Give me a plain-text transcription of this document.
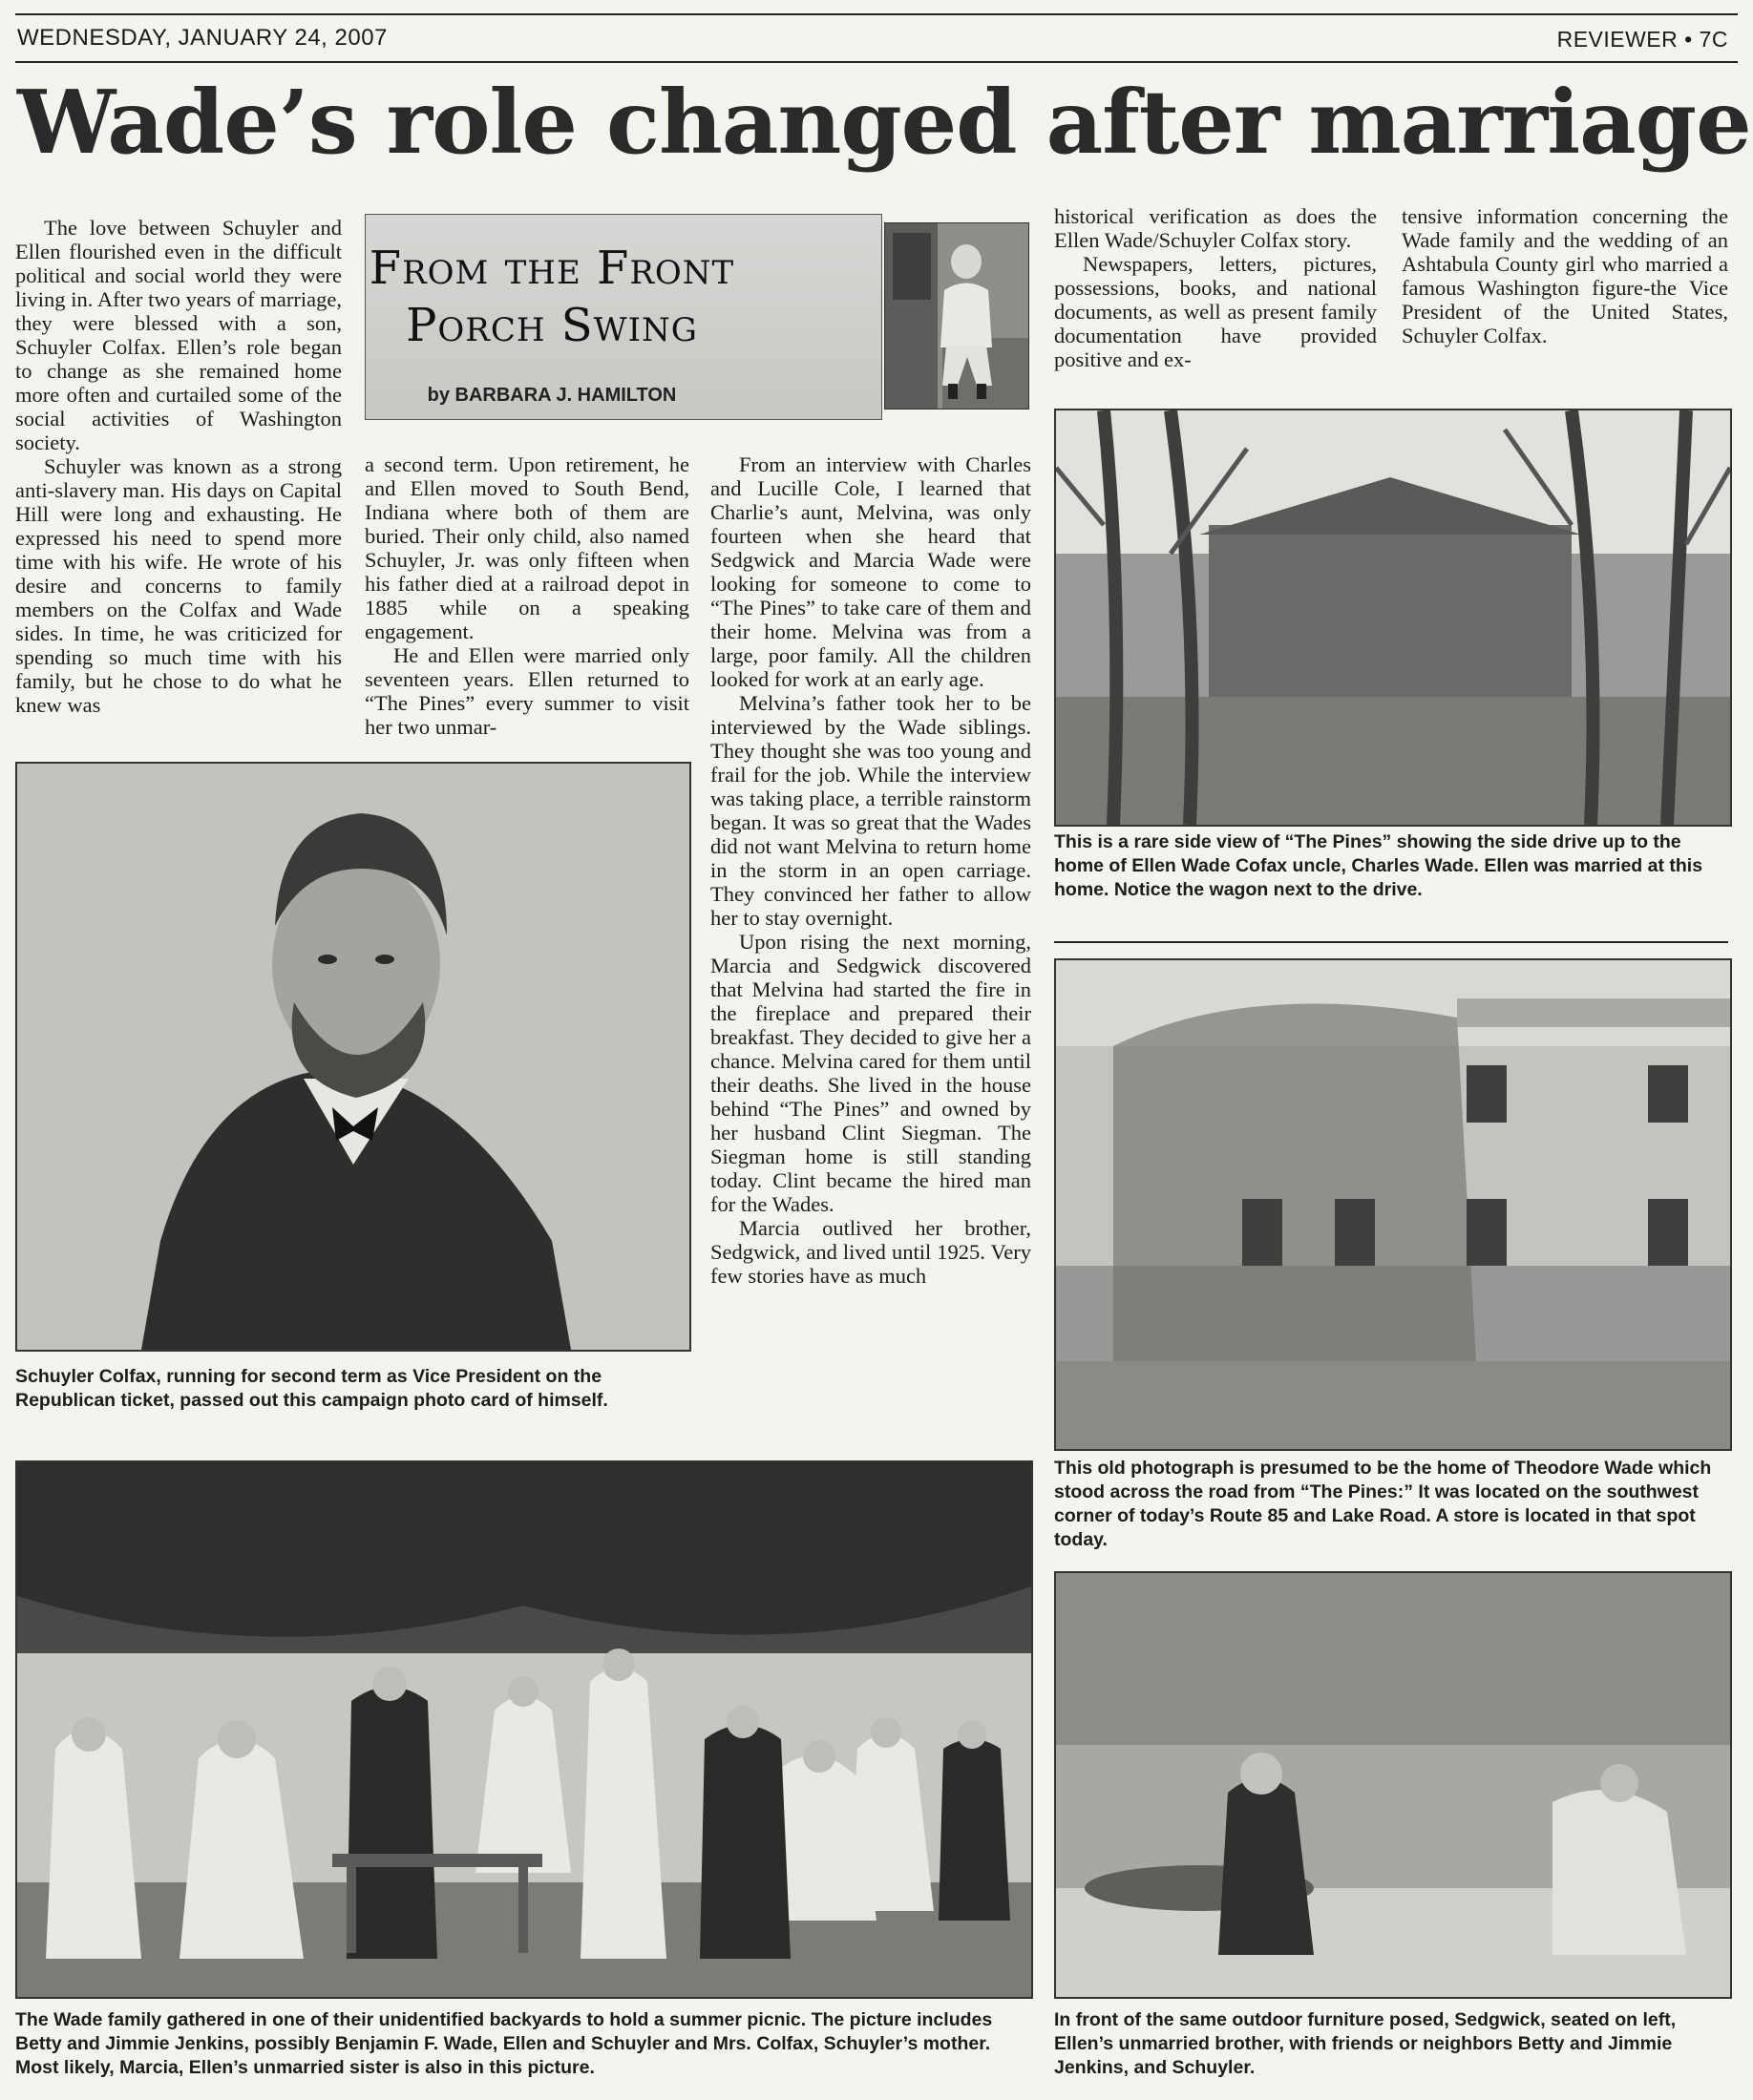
WEDNESDAY, JANUARY 24, 2007	REVIEWER • 7C
Wade’s role changed after marriage
From the Front
Porch Swing
by BARBARA J. HAMILTON

The love between Schuyler and Ellen flourished even in the difficult political and social world they were living in. After two years of marriage, they were blessed with a son, Schuyler Colfax. Ellen’s role began to change as she remained home more often and curtailed some of the social activities of Washington society.

Schuyler was known as a strong anti-slavery man. His days on Capital Hill were long and exhausting. He expressed his need to spend more time with his wife. He wrote of his desire and concerns to family members on the Colfax and Wade sides. In time, he was criticized for spending so much time with his family, but he chose to do what he knew was

a second term. Upon retirement, he and Ellen moved to South Bend, Indiana where both of them are buried. Their only child, also named Schuyler, Jr. was only fifteen when his father died at a railroad depot in 1885 while on a speaking engagement.

He and Ellen were married only seventeen years. Ellen returned to “The Pines” every summer to visit her two unmar-

From an interview with Charles and Lucille Cole, I learned that Charlie’s aunt, Melvina, was only fourteen when she heard that Sedgwick and Marcia Wade were looking for someone to come to “The Pines” to take care of them and their home. Melvina was from a large, poor family. All the children looked for work at an early age.

Melvina’s father took her to be interviewed by the Wade siblings. They thought she was too young and frail for the job. While the interview was taking place, a terrible rainstorm began. It was so great that the Wades did not want Melvina to return home in the storm in an open carriage. They convinced her father to allow her to stay overnight.

Upon rising the next morning, Marcia and Sedgwick discovered that Melvina had started the fire in the fireplace and prepared their breakfast. They decided to give her a chance. Melvina cared for them until their deaths. She lived in the house behind “The Pines” and owned by her husband Clint Siegman. The Siegman home is still standing today. Clint became the hired man for the Wades.

Marcia outlived her brother, Sedgwick, and lived until 1925. Very few stories have as much

historical verification as does the Ellen Wade/Schuyler Colfax story.

Newspapers, letters, pictures, possessions, books, and national documents, as well as present family documentation have provided positive and ex-

tensive information concerning the Wade family and the wedding of an Ashtabula County girl who married a famous Washington figure-the Vice President of the United States, Schuyler Colfax.

Schuyler Colfax, running for second term as Vice President on the Republican ticket, passed out this campaign photo card of himself.
This is a rare side view of “The Pines” showing the side drive up to the home of Ellen Wade Cofax uncle, Charles Wade. Ellen was married at this home. Notice the wagon next to the drive.
This old photograph is presumed to be the home of Theodore Wade which stood across the road from “The Pines:” It was located on the southwest corner of today’s Route 85 and Lake Road. A store is located in that spot today.
The Wade family gathered in one of their unidentified backyards to hold a summer picnic. The picture includes Betty and Jimmie Jenkins, possibly Benjamin F. Wade, Ellen and Schuyler and Mrs. Colfax, Schuyler’s mother. Most likely, Marcia, Ellen’s unmarried sister is also in this picture.
In front of the same outdoor furniture posed, Sedgwick, seated on left, Ellen’s unmarried brother, with friends or neighbors Betty and Jimmie Jenkins, and Schuyler.
